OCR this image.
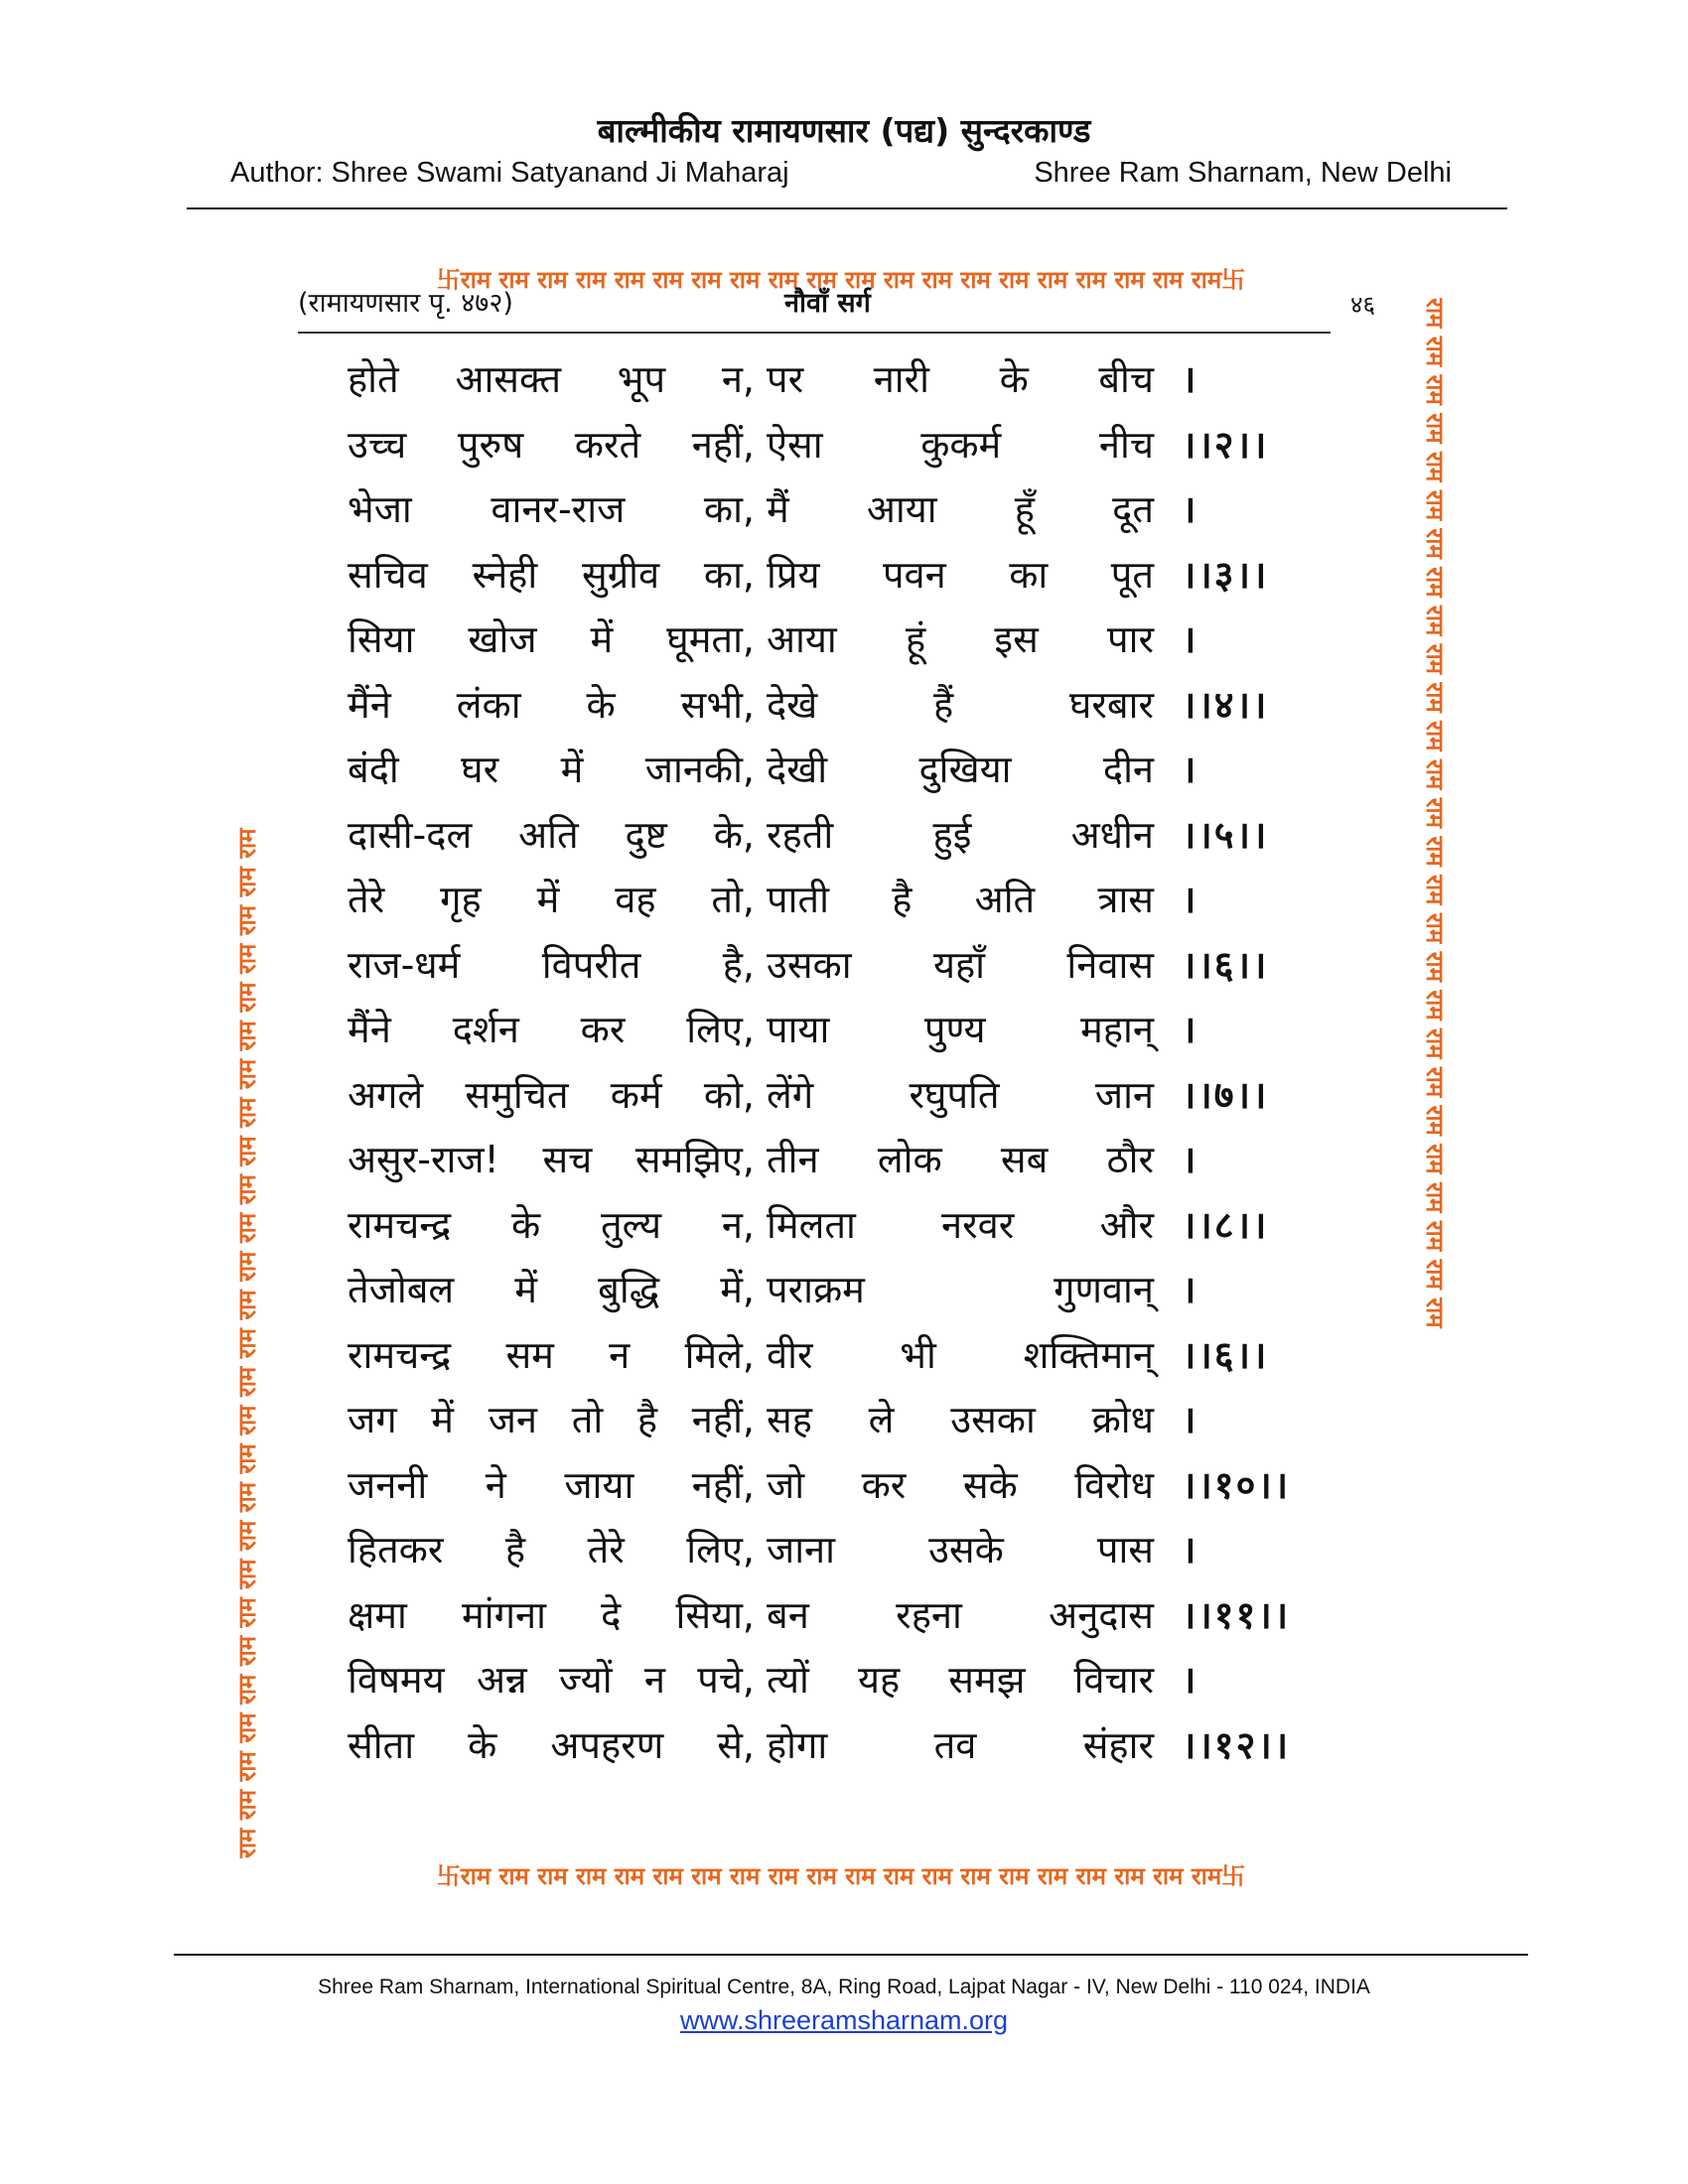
बाल्मीकीय रामायणसार (पद्य) सुन्दरकाण्ड
Author: Shree Swami Satyanand Ji Maharaj	Shree Ram Sharnam, New Delhi
卐राम राम राम राम राम राम राम राम राम राम राम राम राम राम राम राम राम राम राम राम卐
राम राम राम राम राम राम राम राम राम राम राम राम राम राम राम राम राम राम राम राम राम राम राम राम राम राम राम
राम राम राम राम राम राम राम राम राम राम राम राम राम राम राम राम राम राम राम राम राम राम राम राम राम राम राम
卐राम राम राम राम राम राम राम राम राम राम राम राम राम राम राम राम राम राम राम राम卐
(रामायणसार पृ. ४७२)	नौवाँ सर्ग	४६
होते आसक्त भूप न, पर नारी के बीच ।
उच्च पुरुष करते नहीं, ऐसा कुकर्म नीच ।।२।।
भेजा वानर-राज का, मैं आया हूँ दूत ।
सचिव स्नेही सुग्रीव का, प्रिय पवन का पूत ।।३।।
सिया खोज में घूमता, आया हूं इस पार ।
मैंने लंका के सभी, देखे हैं घरबार ।।४।।
बंदी घर में जानकी, देखी दुखिया दीन ।
दासी-दल अति दुष्ट के, रहती हुई अधीन ।।५।।
तेरे गृह में वह तो, पाती है अति त्रास ।
राज-धर्म विपरीत है, उसका यहाँ निवास ।।६।।
मैंने दर्शन कर लिए, पाया पुण्य महान् ।
अगले समुचित कर्म को, लेंगे रघुपति जान ।।७।।
असुर-राज! सच समझिए, तीन लोक सब ठौर ।
रामचन्द्र के तुल्य न, मिलता नरवर और ।।८।।
तेजोबल में बुद्धि में, पराक्रम गुणवान् ।
रामचन्द्र सम न मिले, वीर भी शक्तिमान् ।।६।।
जग में जन तो है नहीं, सह ले उसका क्रोध ।
जननी ने जाया नहीं, जो कर सके विरोध ।।१०।।
हितकर है तेरे लिए, जाना उसके पास ।
क्षमा मांगना दे सिया, बन रहना अनुदास ।।११।।
विषमय अन्न ज्यों न पचे, त्यों यह समझ विचार ।
सीता के अपहरण से, होगा तव संहार ।।१२।।
Shree Ram Sharnam, International Spiritual Centre, 8A, Ring Road, Lajpat Nagar - IV, New Delhi - 110 024, INDIA
www.shreeramsharnam.org
